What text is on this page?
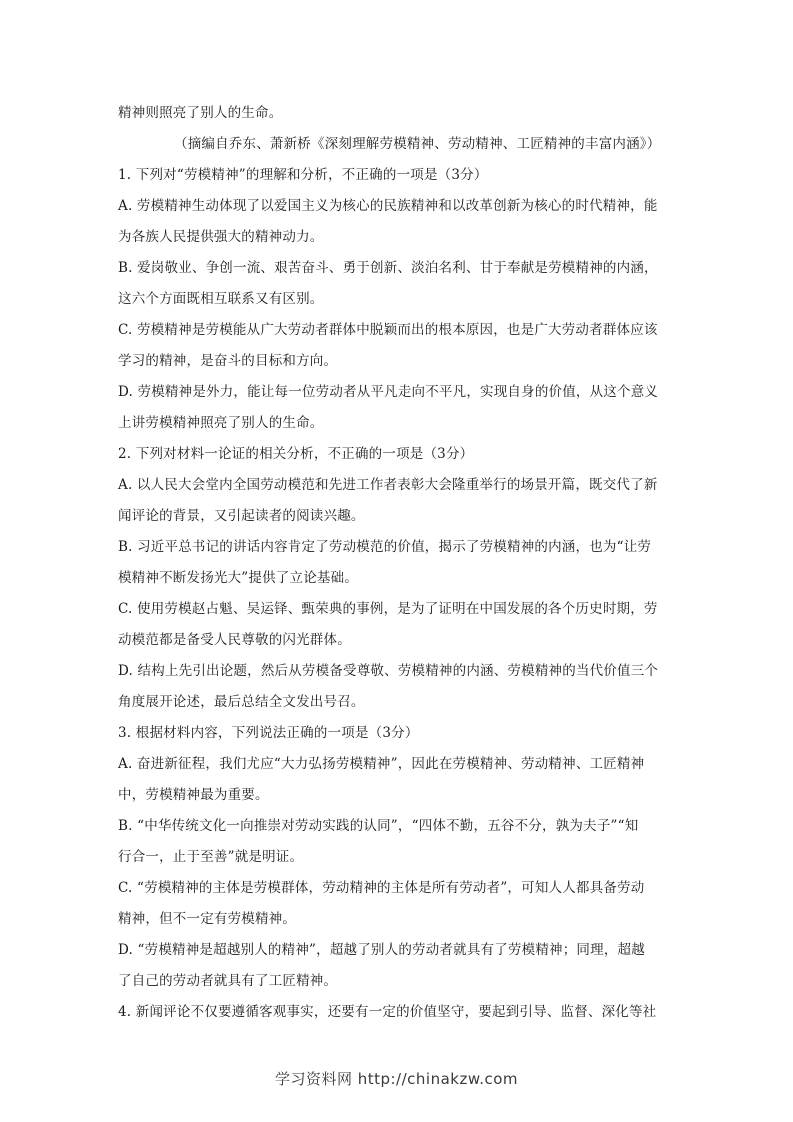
精神则照亮了别人的生命。
（摘编自乔东、萧新桥《深刻理解劳模精神、劳动精神、工匠精神的丰富内涵》）
1. 下列对“劳模精神”的理解和分析，不正确的一项是（3分）
A. 劳模精神生动体现了以爱国主义为核心的民族精神和以改革创新为核心的时代精神，能
为各族人民提供强大的精神动力。
B. 爱岗敬业、争创一流、艰苦奋斗、勇于创新、淡泊名利、甘于奉献是劳模精神的内涵，
这六个方面既相互联系又有区别。
C. 劳模精神是劳模能从广大劳动者群体中脱颖而出的根本原因，也是广大劳动者群体应该
学习的精神，是奋斗的目标和方向。
D. 劳模精神是外力，能让每一位劳动者从平凡走向不平凡，实现自身的价值，从这个意义
上讲劳模精神照亮了别人的生命。
2. 下列对材料一论证的相关分析，不正确的一项是（3分）
A. 以人民大会堂内全国劳动模范和先进工作者表彰大会隆重举行的场景开篇，既交代了新
闻评论的背景，又引起读者的阅读兴趣。
B. 习近平总书记的讲话内容肯定了劳动模范的价值，揭示了劳模精神的内涵，也为“让劳
模精神不断发扬光大”提供了立论基础。
C. 使用劳模赵占魁、吴运铎、甄荣典的事例，是为了证明在中国发展的各个历史时期，劳
动模范都是备受人民尊敬的闪光群体。
D. 结构上先引出论题，然后从劳模备受尊敬、劳模精神的内涵、劳模精神的当代价值三个
角度展开论述，最后总结全文发出号召。
3. 根据材料内容，下列说法正确的一项是（3分）
A. 奋进新征程，我们尤应“大力弘扬劳模精神”，因此在劳模精神、劳动精神、工匠精神
中，劳模精神最为重要。
B. “中华传统文化一向推崇对劳动实践的认同”，“四体不勤，五谷不分，孰为夫子”“知
行合一，止于至善”就是明证。
C. “劳模精神的主体是劳模群体，劳动精神的主体是所有劳动者”，可知人人都具备劳动
精神，但不一定有劳模精神。
D. “劳模精神是超越别人的精神”，超越了别人的劳动者就具有了劳模精神；同理，超越
了自己的劳动者就具有了工匠精神。
4. 新闻评论不仅要遵循客观事实，还要有一定的价值坚守，要起到引导、监督、深化等社
学习资料网 http://chinakzw.com
